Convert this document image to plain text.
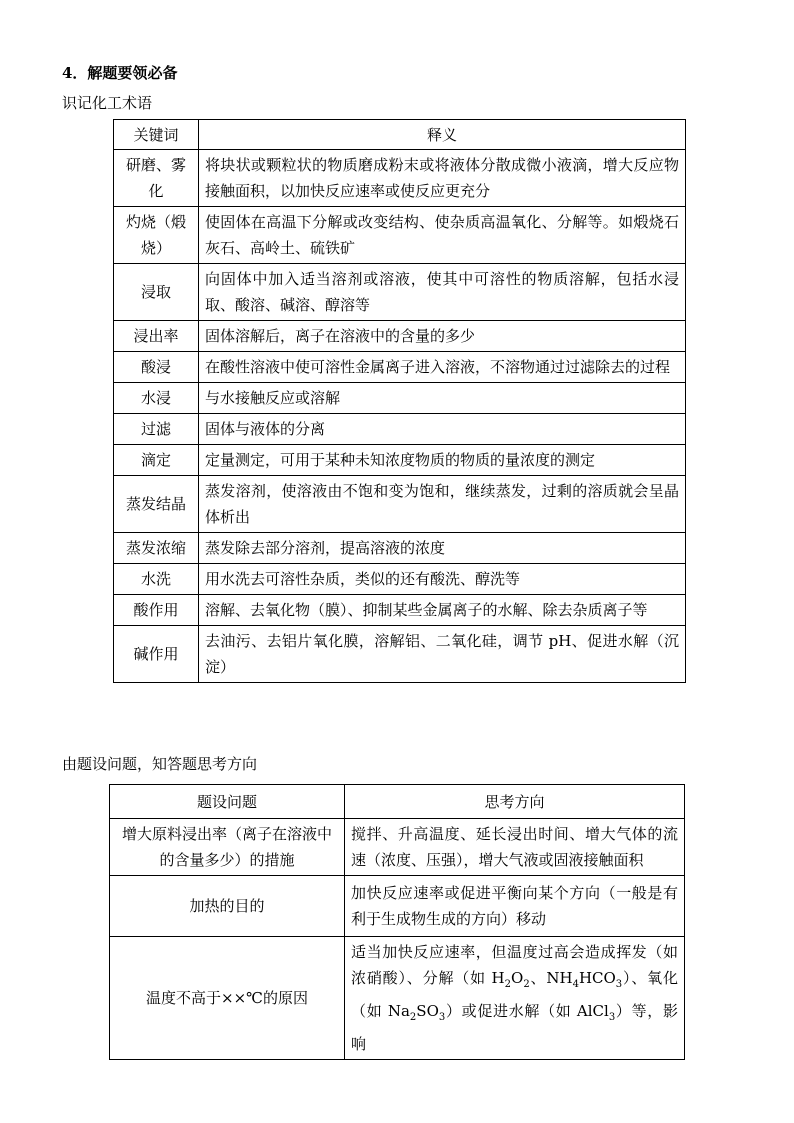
4．解题要领必备
识记化工术语
关键词	释义
研磨、雾化	将块状或颗粒状的物质磨成粉末或将液体分散成微小液滴，增大反应物接触面积，以加快反应速率或使反应更充分
灼烧（煅烧）	使固体在高温下分解或改变结构、使杂质高温氧化、分解等。如煅烧石灰石、高岭土、硫铁矿
浸取	向固体中加入适当溶剂或溶液，使其中可溶性的物质溶解，包括水浸取、酸溶、碱溶、醇溶等
浸出率	固体溶解后，离子在溶液中的含量的多少
酸浸	在酸性溶液中使可溶性金属离子进入溶液，不溶物通过过滤除去的过程
水浸	与水接触反应或溶解
过滤	固体与液体的分离
滴定	定量测定，可用于某种未知浓度物质的物质的量浓度的测定
蒸发结晶	蒸发溶剂，使溶液由不饱和变为饱和，继续蒸发，过剩的溶质就会呈晶体析出
蒸发浓缩	蒸发除去部分溶剂，提高溶液的浓度
水洗	用水洗去可溶性杂质，类似的还有酸洗、醇洗等
酸作用	溶解、去氧化物（膜）、抑制某些金属离子的水解、除去杂质离子等
碱作用	去油污、去铝片氧化膜，溶解铝、二氧化硅，调节 pH、促进水解（沉淀）
由题设问题，知答题思考方向
题设问题	思考方向
增大原料浸出率（离子在溶液中的含量多少）的措施	搅拌、升高温度、延长浸出时间、增大气体的流速（浓度、压强），增大气液或固液接触面积
加热的目的	加快反应速率或促进平衡向某个方向（一般是有利于生成物生成的方向）移动
温度不高于××℃的原因	适当加快反应速率，但温度过高会造成挥发（如浓硝酸）、分解（如 $H_2O_2$、$NH_4HCO_3$）、氧化（如 $Na_2SO_3$）或促进水解（如 AlCl$_3$）等，影响
